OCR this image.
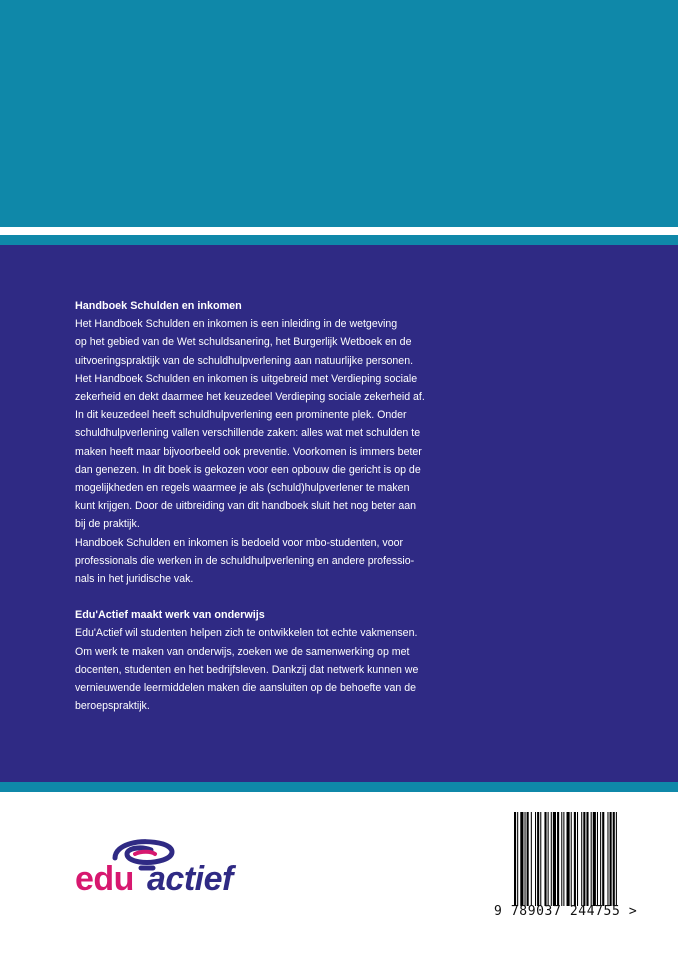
Handboek Schulden en inkomen

Het Handboek Schulden en inkomen is een inleiding in de wetgeving

op het gebied van de Wet schuldsanering, het Burgerlijk Wetboek en de

uitvoeringspraktijk van de schuldhulpverlening aan natuurlijke personen.

Het Handboek Schulden en inkomen is uitgebreid met Verdieping sociale

zekerheid en dekt daarmee het keuzedeel Verdieping sociale zekerheid af.

In dit keuzedeel heeft schuldhulpverlening een prominente plek. Onder

schuldhulpverlening vallen verschillende zaken: alles wat met schulden te

maken heeft maar bijvoorbeeld ook preventie. Voorkomen is immers beter

dan genezen. In dit boek is gekozen voor een opbouw die gericht is op de

mogelijkheden en regels waarmee je als (schuld)hulpverlener te maken

kunt krijgen. Door de uitbreiding van dit handboek sluit het nog beter aan

bij de praktijk.

Handboek Schulden en inkomen is bedoeld voor mbo-studenten, voor

professionals die werken in de schuldhulpverlening en andere professio-

nals in het juridische vak.

Edu'Actief maakt werk van onderwijs

Edu'Actief wil studenten helpen zich te ontwikkelen tot echte vakmensen.

Om werk te maken van onderwijs, zoeken we de samenwerking op met

docenten, studenten en het bedrijfsleven. Dankzij dat netwerk kunnen we

vernieuwende leermiddelen maken die aansluiten op de behoefte van de

beroepspraktijk.

edu actief
9 789037 244755 >
